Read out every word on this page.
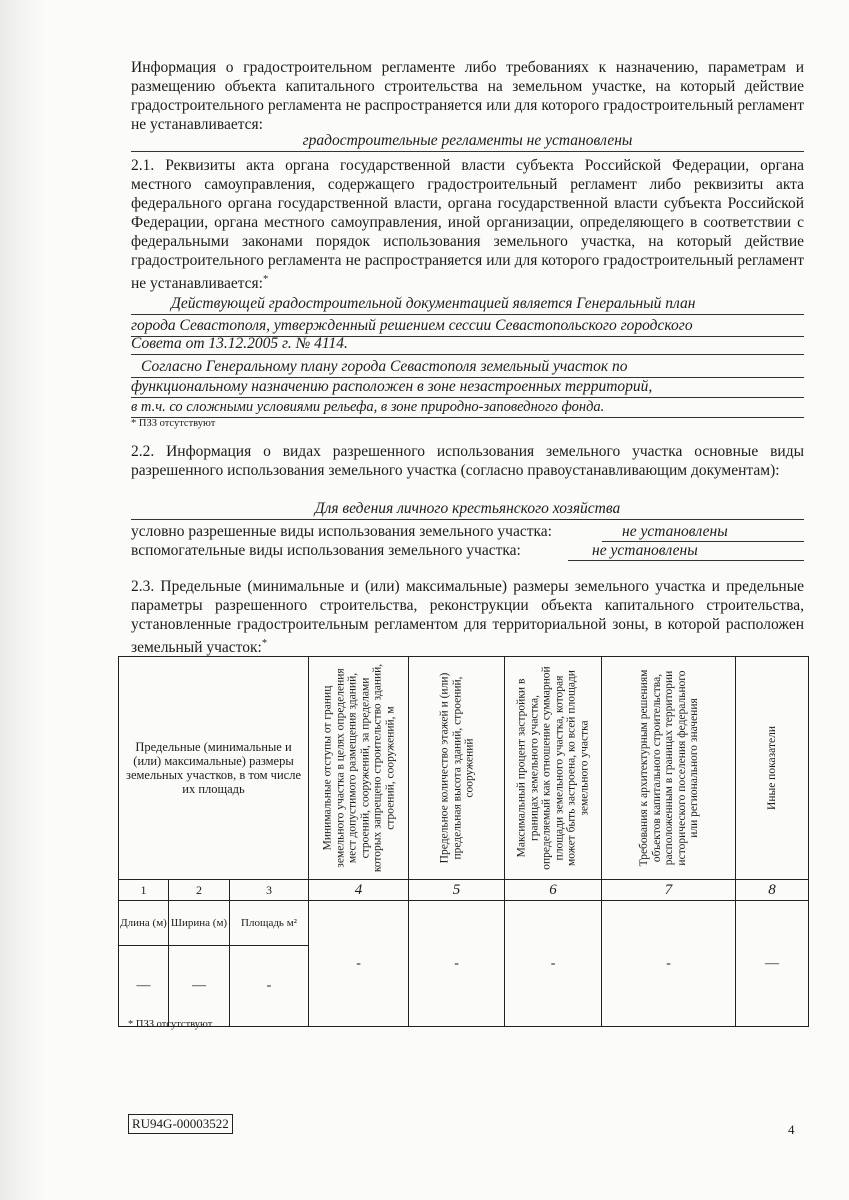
Информация о градостроительном регламенте либо требованиях к назначению, параметрам и размещению объекта капитального строительства на земельном участке, на который действие градостроительного регламента не распространяется или для которого градостроительный регламент не устанавливается:
градостроительные регламенты не установлены
2.1. Реквизиты акта органа государственной власти субъекта Российской Федерации, органа местного самоуправления, содержащего градостроительный регламент либо реквизиты акта федерального органа государственной власти, органа государственной власти субъекта Российской Федерации, органа местного самоуправления, иной организации, определяющего в соответствии с федеральными законами порядок использования земельного участка, на который действие градостроительного регламента не распространяется или для которого градостроительный регламент не устанавливается:*
Действующей градостроительной документацией является Генеральный план
города Севастополя, утвержденный решением сессии Севастопольского городского
Совета от 13.12.2005 г. № 4114.
Согласно Генеральному плану города Севастополя земельный участок по
функциональному назначению расположен в зоне незастроенных территорий,
в т.ч. со сложными условиями рельефа, в зоне природно-заповедного фонда.
* ПЗЗ отсутствуют
2.2. Информация о видах разрешенного использования земельного участка основные виды разрешенного использования земельного участка (согласно правоустанавливающим документам):
Для ведения личного крестьянского хозяйства
условно разрешенные виды использования земельного участка:	не установлены
вспомогательные виды использования земельного участка:	не установлены
2.3. Предельные (минимальные и (или) максимальные) размеры земельного участка и предельные параметры разрешенного строительства, реконструкции объекта капитального строительства, установленные градостроительным регламентом для территориальной зоны, в которой расположен земельный участок:*
Предельные (минимальные и (или) максимальные) размеры земельных участков, в том числе их площадь			Минимальные отступы от границ земельного участка в целях определения мест допустимого размещения зданий, строений, сооружений, за пределами которых запрещено строительство зданий, строений, сооружений, м	Предельное количество этажей и (или) предельная высота зданий, строений, сооружений	Максимальный процент застройки в границах земельного участка, определяемый как отношение суммарной площади земельного участка, которая может быть застроена, ко всей площади земельного участка	Требования к архитектурным решениям объектов капитального строительства, расположенным в границах территории исторического поселения федерального или регионального значения	Иные показатели

1	2	3	4	5	6	7	8
Длина (м)	Ширина (м)	Площадь м²	-	-	-	-	—
—	—	-					
* ПЗЗ отсутствуют
RU94G-00003522	4
